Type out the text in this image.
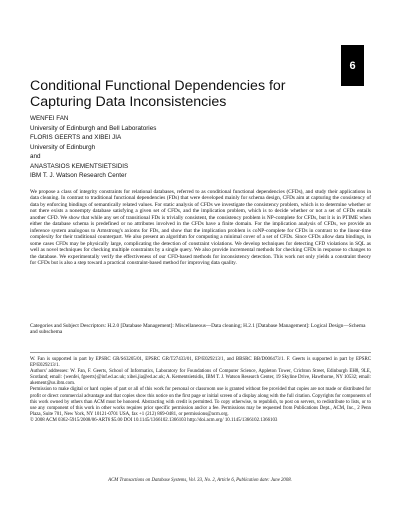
6
Conditional Functional Dependencies for Capturing Data Inconsistencies

WENFEI FAN

University of Edinburgh and Bell Laboratories

FLORIS GEERTS and XIBEI JIA

University of Edinburgh

and

ANASTASIOS KEMENTSIETSIDIS

IBM T. J. Watson Research Center

We propose a class of integrity constraints for relational databases, referred to as conditional functional dependencies (CFDs), and study their applications in data cleaning. In contrast to traditional functional dependencies (FDs) that were developed mainly for schema design, CFDs aim at capturing the consistency of data by enforcing bindings of semantically related values. For static analysis of CFDs we investigate the consistency problem, which is to determine whether or not there exists a nonempty database satisfying a given set of CFDs, and the implication problem, which is to decide whether or not a set of CFDs entails another CFD. We show that while any set of transitional FDs is trivially consistent, the consistency problem is NP-complete for CFDs, but it is in PTIME when either the database schema is predefined or no attributes involved in the CFDs have a finite domain. For the implication analysis of CFDs, we provide an inference system analogous to Armstrong's axioms for FDs, and show that the implication problem is coNP-complete for CFDs in contrast to the linear-time complexity for their traditional counterpart. We also present an algorithm for computing a minimal cover of a set of CFDs. Since CFDs allow data bindings, in some cases CFDs may be physically large, complicating the detection of constraint violations. We develop techniques for detecting CFD violations in SQL as well as novel techniques for checking multiple constraints by a single query. We also provide incremental methods for checking CFDs in response to changes to the database. We experimentally verify the effectiveness of our CFD-based methods for inconsistency detection. This work not only yields a constraint theory for CFDs but is also a step toward a practical constraint-based method for improving data quality.

Categories and Subject Descriptors: H.2.0 [Database Management]: Miscellaneous—Data cleaning; H.2.1 [Database Management]: Logical Design—Schema and subschema

W. Fan is supported in part by EPSRC GR/S63205/01, EPSRC GR/T27433/01, EP/E029213/1, and BBSRC BB/D006473/1. F. Geerts is supported in part by EPSRC EP/E029213/1.

Authors' addresses: W. Fan, F. Geerts, School of Informatics, Laboratory for Foundations of Computer Science, Appleton Tower, Crichton Street, Edinburgh EH8, 9LE, Scotland; email: {wenfei, fgeerts}@inf.ed.ac.uk; xibei.jia@ed.ac.uk; A. Kementsietsidis, IBM T. J. Watson Research Center, 19 Skyline Drive, Hawthorne, NY 10532; email: akement@us.ibm.com.

Permission to make digital or hard copies of part or all of this work for personal or classroom use is granted without fee provided that copies are not made or distributed for profit or direct commercial advantage and that copies show this notice on the first page or initial screen of a display along with the full citation. Copyrights for components of this work owned by others than ACM must be honored. Abstracting with credit is permitted. To copy otherwise, to republish, to post on servers, to redistribute to lists, or to use any component of this work in other works requires prior specific permission and/or a fee. Permissions may be requested from Publications Dept., ACM, Inc., 2 Penn Plaza, Suite 701, New York, NY 10121-0701 USA, fax +1 (212) 869-0481, or permissions@acm.org.

© 2008 ACM 0362-5915/2008/06-ART6 $5.00 DOI 10.1145/1366102.1366103 http://doi.acm.org/ 10.1145/1366102.1366103

ACM Transactions on Database Systems, Vol. 33, No. 2, Article 6, Publication date: June 2008.
